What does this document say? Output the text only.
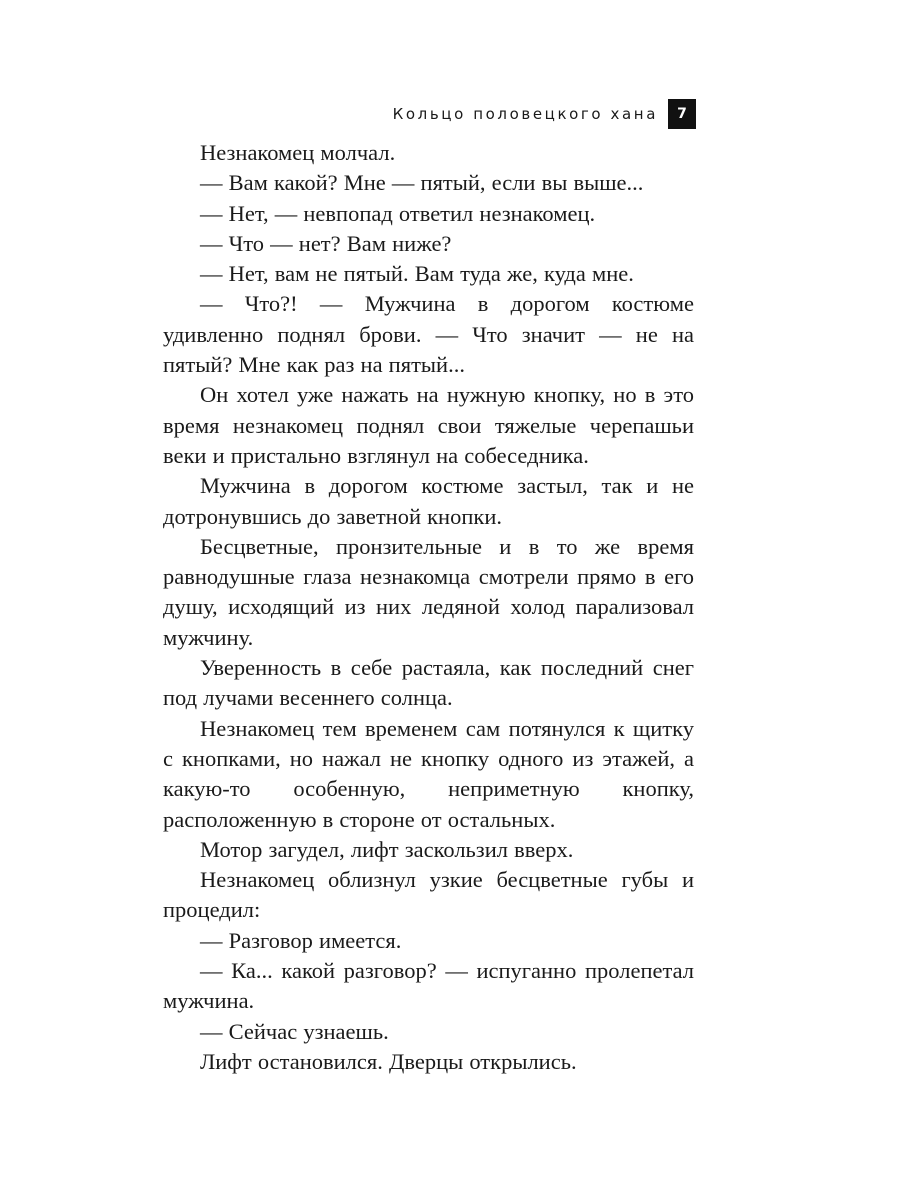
Кольцо половецкого хана	7

Незнакомец молчал.

— Вам какой? Мне — пятый, если вы выше...

— Нет, — невпопад ответил незнакомец.

— Что — нет? Вам ниже?

— Нет, вам не пятый. Вам туда же, куда мне.

— Что?! — Мужчина в дорогом костюме удивленно поднял брови. — Что значит — не на пятый? Мне как раз на пятый...

Он хотел уже нажать на нужную кнопку, но в это время незнакомец поднял свои тяжелые черепашьи веки и пристально взглянул на собеседника.

Мужчина в дорогом костюме застыл, так и не дотронувшись до заветной кнопки.

Бесцветные, пронзительные и в то же время равнодушные глаза незнакомца смотрели прямо в его душу, исходящий из них ледяной холод парализовал мужчину.

Уверенность в себе растаяла, как последний снег под лучами весеннего солнца.

Незнакомец тем временем сам потянулся к щитку с кнопками, но нажал не кнопку одного из этажей, а какую-то особенную, неприметную кнопку, расположенную в стороне от остальных.

Мотор загудел, лифт заскользил вверх.

Незнакомец облизнул узкие бесцветные губы и процедил:

— Разговор имеется.

— Ка... какой разговор? — испуганно пролепетал мужчина.

— Сейчас узнаешь.

Лифт остановился. Дверцы открылись.
